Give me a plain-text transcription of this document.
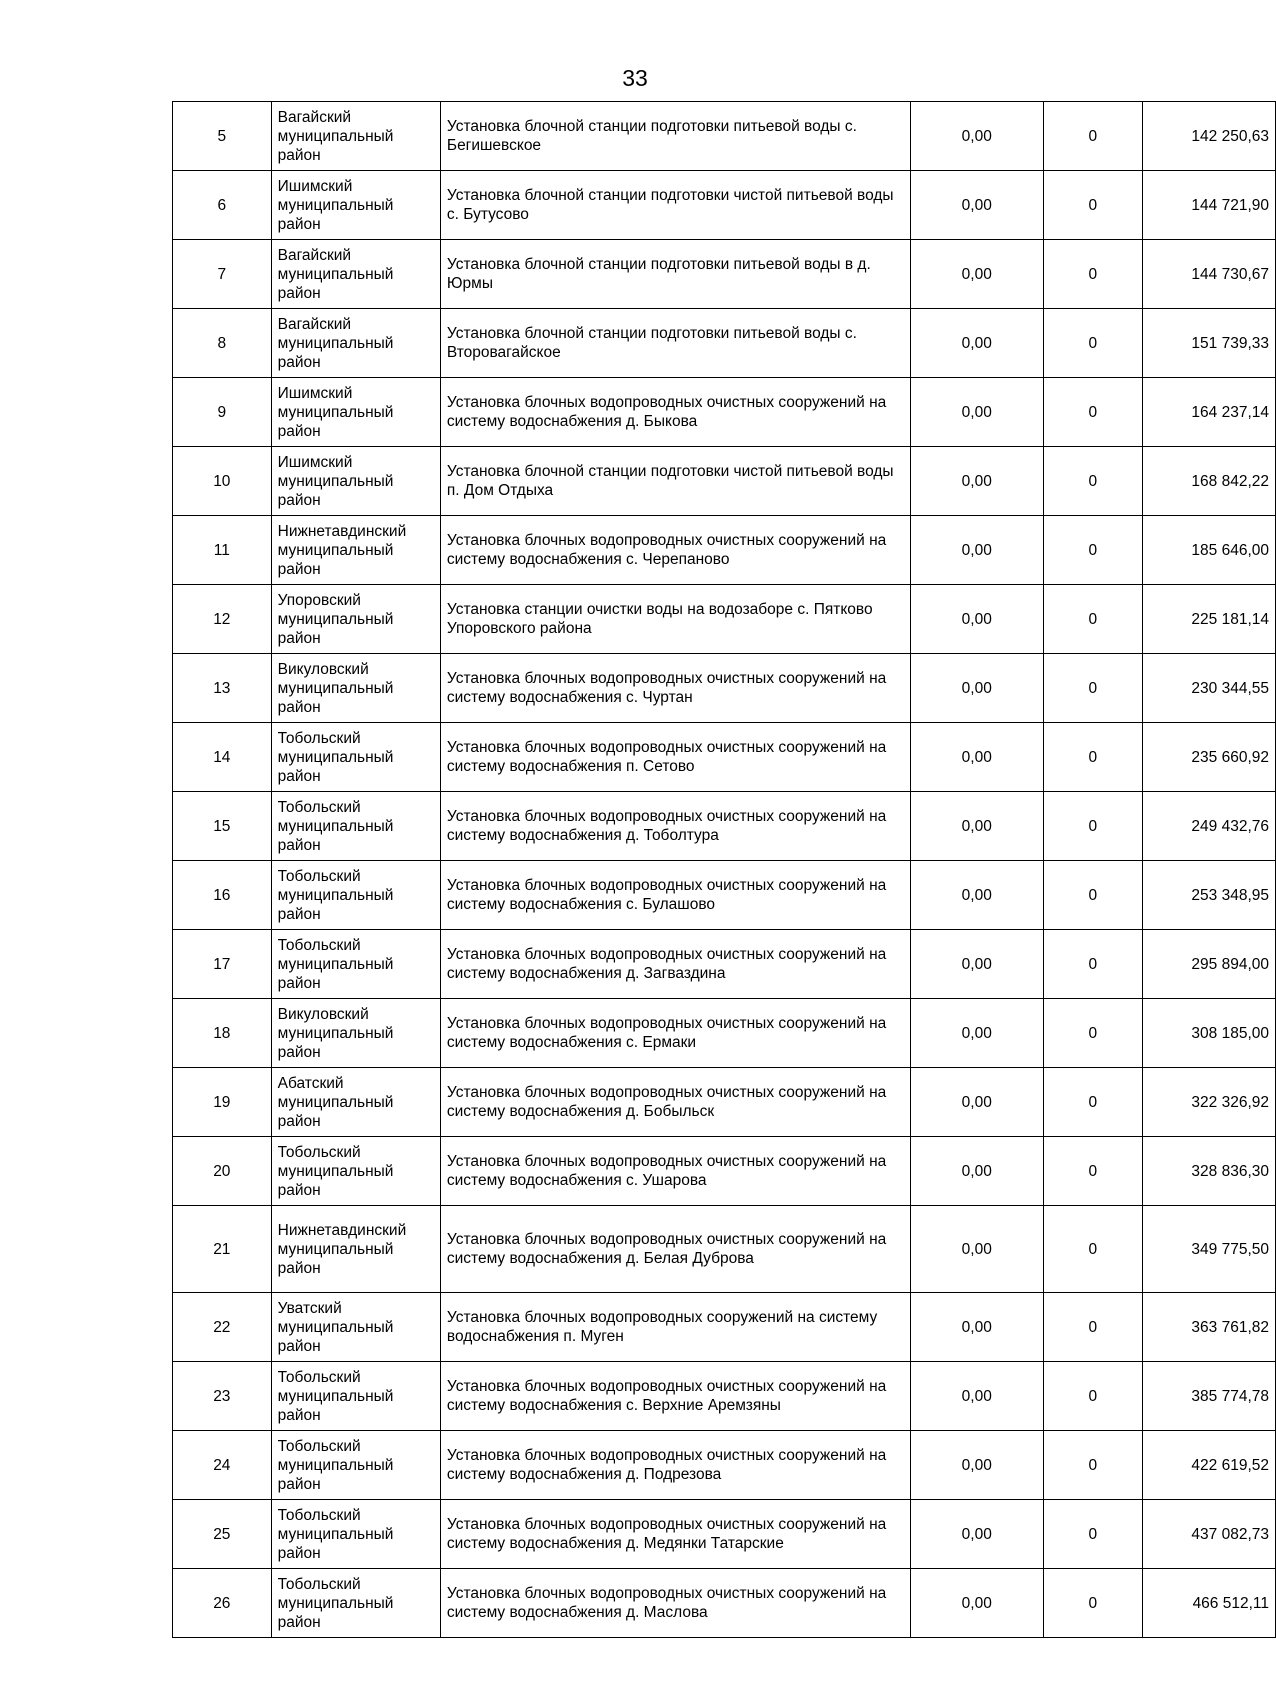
33
5	Вагайский муниципальный район	Установка блочной станции подготовки питьевой воды с. Бегишевское	0,00	0	142 250,63
6	Ишимский муниципальный район	Установка блочной станции подготовки чистой питьевой воды с. Бутусово	0,00	0	144 721,90
7	Вагайский муниципальный район	Установка блочной станции подготовки питьевой воды в д. Юрмы	0,00	0	144 730,67
8	Вагайский муниципальный район	Установка блочной станции подготовки питьевой воды с. Второвагайское	0,00	0	151 739,33
9	Ишимский муниципальный район	Установка блочных водопроводных очистных сооружений на систему водоснабжения д. Быкова	0,00	0	164 237,14
10	Ишимский муниципальный район	Установка блочной станции подготовки чистой питьевой воды п. Дом Отдыха	0,00	0	168 842,22
11	Нижнетавдинский муниципальный район	Установка блочных водопроводных очистных сооружений на систему водоснабжения с. Черепаново	0,00	0	185 646,00
12	Упоровский муниципальный район	Установка станции очистки воды на водозаборе с. Пятково Упоровского района	0,00	0	225 181,14
13	Викуловский муниципальный район	Установка блочных водопроводных очистных сооружений на систему водоснабжения с. Чуртан	0,00	0	230 344,55
14	Тобольский муниципальный район	Установка блочных водопроводных очистных сооружений на систему водоснабжения п. Сетово	0,00	0	235 660,92
15	Тобольский муниципальный район	Установка блочных водопроводных очистных сооружений на систему водоснабжения д. Тоболтура	0,00	0	249 432,76
16	Тобольский муниципальный район	Установка блочных водопроводных очистных сооружений на систему водоснабжения с. Булашово	0,00	0	253 348,95
17	Тобольский муниципальный район	Установка блочных водопроводных очистных сооружений на систему водоснабжения д. Загваздина	0,00	0	295 894,00
18	Викуловский муниципальный район	Установка блочных водопроводных очистных сооружений на систему водоснабжения с. Ермаки	0,00	0	308 185,00
19	Абатский муниципальный район	Установка блочных водопроводных очистных сооружений на систему водоснабжения д. Бобыльск	0,00	0	322 326,92
20	Тобольский муниципальный район	Установка блочных водопроводных очистных сооружений на систему водоснабжения с. Ушарова	0,00	0	328 836,30
21	Нижнетавдинский муниципальный район	Установка блочных водопроводных очистных сооружений на систему водоснабжения д. Белая Дуброва	0,00	0	349 775,50
22	Уватский муниципальный район	Установка блочных водопроводных сооружений на систему водоснабжения п. Муген	0,00	0	363 761,82
23	Тобольский муниципальный район	Установка блочных водопроводных очистных сооружений на систему водоснабжения с. Верхние Аремзяны	0,00	0	385 774,78
24	Тобольский муниципальный район	Установка блочных водопроводных очистных сооружений на систему водоснабжения д. Подрезова	0,00	0	422 619,52
25	Тобольский муниципальный район	Установка блочных водопроводных очистных сооружений на систему водоснабжения д. Медянки Татарские	0,00	0	437 082,73
26	Тобольский муниципальный район	Установка блочных водопроводных очистных сооружений на систему водоснабжения д. Маслова	0,00	0	466 512,11
